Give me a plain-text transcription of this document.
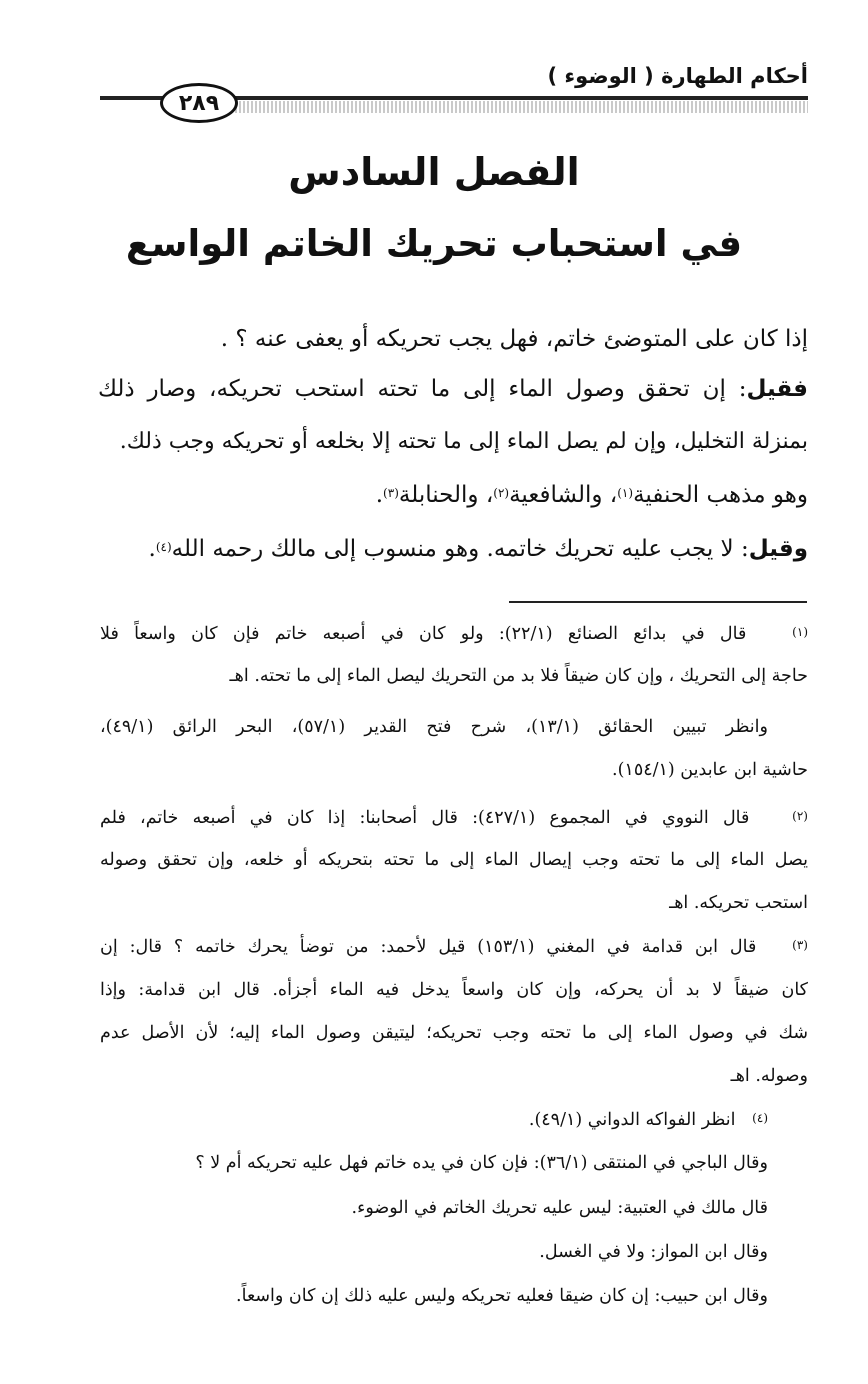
أحكام الطهارة ( الوضوء )
٢٨٩
الفصل السادس
في استحباب تحريك الخاتم الواسع
إذا كان على المتوضئ خاتم، فهل يجب تحريكه أو يعفى عنه ؟ .
فقيل: إن تحقق وصول الماء إلى ما تحته استحب تحريكه، وصار ذلك
بمنزلة التخليل، وإن لم يصل الماء إلى ما تحته إلا بخلعه أو تحريكه وجب ذلك.
وهو مذهب الحنفية$^{(١)}$، والشافعية$^{(٢)}$، والحنابلة$^{(٣)}$.
وقيل: لا يجب عليه تحريك خاتمه. وهو منسوب إلى مالك رحمه الله$^{(٤)}$.
$^{(١)}$   قال في بدائع الصنائع (٢٢/١): ولو كان في أصبعه خاتم فإن كان واسعاً فلا
حاجة إلى التحريك ، وإن كان ضيقاً فلا بد من التحريك ليصل الماء إلى ما تحته. اهـ
وانظر تبيين الحقائق (١٣/١)، شرح فتح القدير (٥٧/١)، البحر الرائق (٤٩/١)،
حاشية ابن عابدين (١٥٤/١).
$^{(٢)}$   قال النووي في المجموع (٤٢٧/١): قال أصحابنا: إذا كان في أصبعه خاتم، فلم
يصل الماء إلى ما تحته وجب إيصال الماء إلى ما تحته بتحريكه أو خلعه، وإن تحقق وصوله
استحب تحريكه. اهـ
$^{(٣)}$   قال ابن قدامة في المغني (١٥٣/١) قيل لأحمد: من توضأ يحرك خاتمه ؟ قال: إن
كان ضيقاً لا بد أن يحركه، وإن كان واسعاً يدخل فيه الماء أجزأه. قال ابن قدامة: وإذا
شك في وصول الماء إلى ما تحته وجب تحريكه؛ ليتيقن وصول الماء إليه؛ لأن الأصل عدم
وصوله. اهـ
$^{(٤)}$   انظر الفواكه الدواني (٤٩/١).
وقال الباجي في المنتقى (٣٦/١): فإن كان في يده خاتم فهل عليه تحريكه أم لا ؟
قال مالك في العتبية: ليس عليه تحريك الخاتم في الوضوء.
وقال ابن المواز: ولا في الغسل.
وقال ابن حبيب: إن كان ضيقا فعليه تحريكه وليس عليه ذلك إن كان واسعاً.
